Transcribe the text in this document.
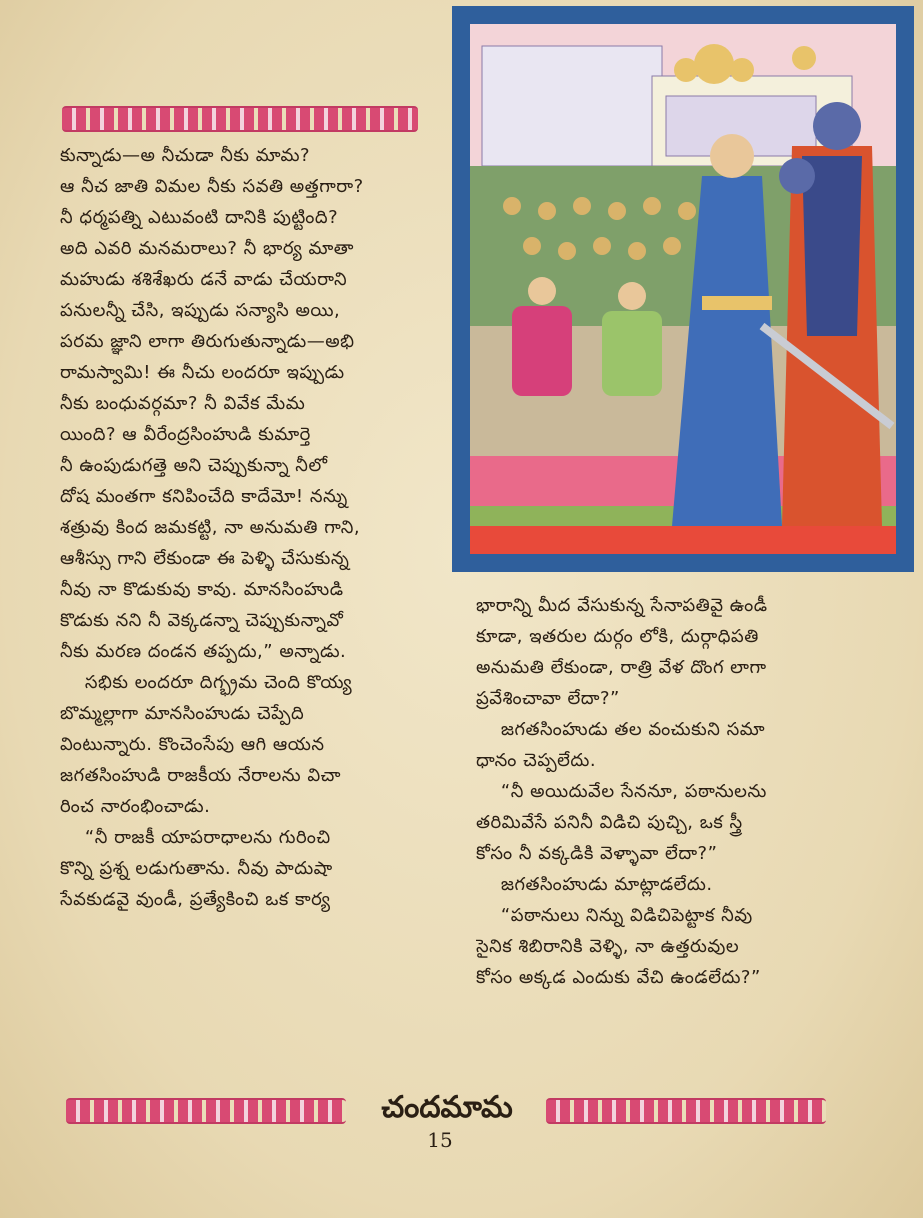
కున్నాడు—అ నీచుడా నీకు మామ?
ఆ నీచ జాతి విమల నీకు సవతి అత్తగారా?
నీ ధర్మపత్ని ఎటువంటి దానికి పుట్టింది?
అది ఎవరి మనమరాలు? నీ భార్య మాతా
మహుడు శశిశేఖరు డనే వాడు చేయరాని
పనులన్నీ చేసి, ఇప్పుడు సన్యాసి అయి,
పరమ జ్ఞాని లాగా తిరుగుతున్నాడు—అభి
రామస్వామి! ఈ నీచు లందరూ ఇప్పుడు
నీకు బంధువర్గమా? నీ వివేక మేమ
యింది? ఆ వీరేంద్రసింహుడి కుమార్తె
నీ ఉంపుడుగత్తె అని చెప్పుకున్నా నీలో
దోష మంతగా కనిపించేది కాదేమో! నన్ను
శత్రువు కింద జమకట్టి, నా అనుమతి గాని,
ఆశీస్సు గాని లేకుండా ఈ పెళ్ళి చేసుకున్న
నీవు నా కొడుకువు కావు. మానసింహుడి
కొడుకు నని నీ వెక్కడన్నా చెప్పుకున్నావో
నీకు మరణ దండన తప్పదు,” అన్నాడు.
సభికు లందరూ దిగ్భ్రమ చెంది కొయ్య
బొమ్మల్లాగా మానసింహుడు చెప్పేది
వింటున్నారు. కొంచెంసేపు ఆగి ఆయన
జగతసింహుడి రాజకీయ నేరాలను విచా
రించ నారంభించాడు.
“నీ రాజకీ యాపరాధాలను గురించి
కొన్ని ప్రశ్న లడుగుతాను. నీవు పాదుషా
సేవకుడవై వుండీ, ప్రత్యేకించి ఒక కార్య
భారాన్ని మీద వేసుకున్న సేనాపతివై ఉండీ
కూడా, ఇతరుల దుర్గం లోకి, దుర్గాధిపతి
అనుమతి లేకుండా, రాత్రి వేళ దొంగ లాగా
ప్రవేశించావా లేదా?”
జగతసింహుడు తల వంచుకుని సమా
ధానం చెప్పలేదు.
“నీ అయిదువేల సేననూ, పఠానులను
తరిమివేసే పనినీ విడిచి పుచ్చి, ఒక స్త్రీ
కోసం నీ వక్కడికి వెళ్ళావా లేదా?”
జగతసింహుడు మాట్లాడలేదు.
“పఠానులు నిన్ను విడిచిపెట్టాక నీవు
సైనిక శిబిరానికి వెళ్ళి, నా ఉత్తరువుల
కోసం అక్కడ ఎందుకు వేచి ఉండలేదు?”
చందమామ
15
